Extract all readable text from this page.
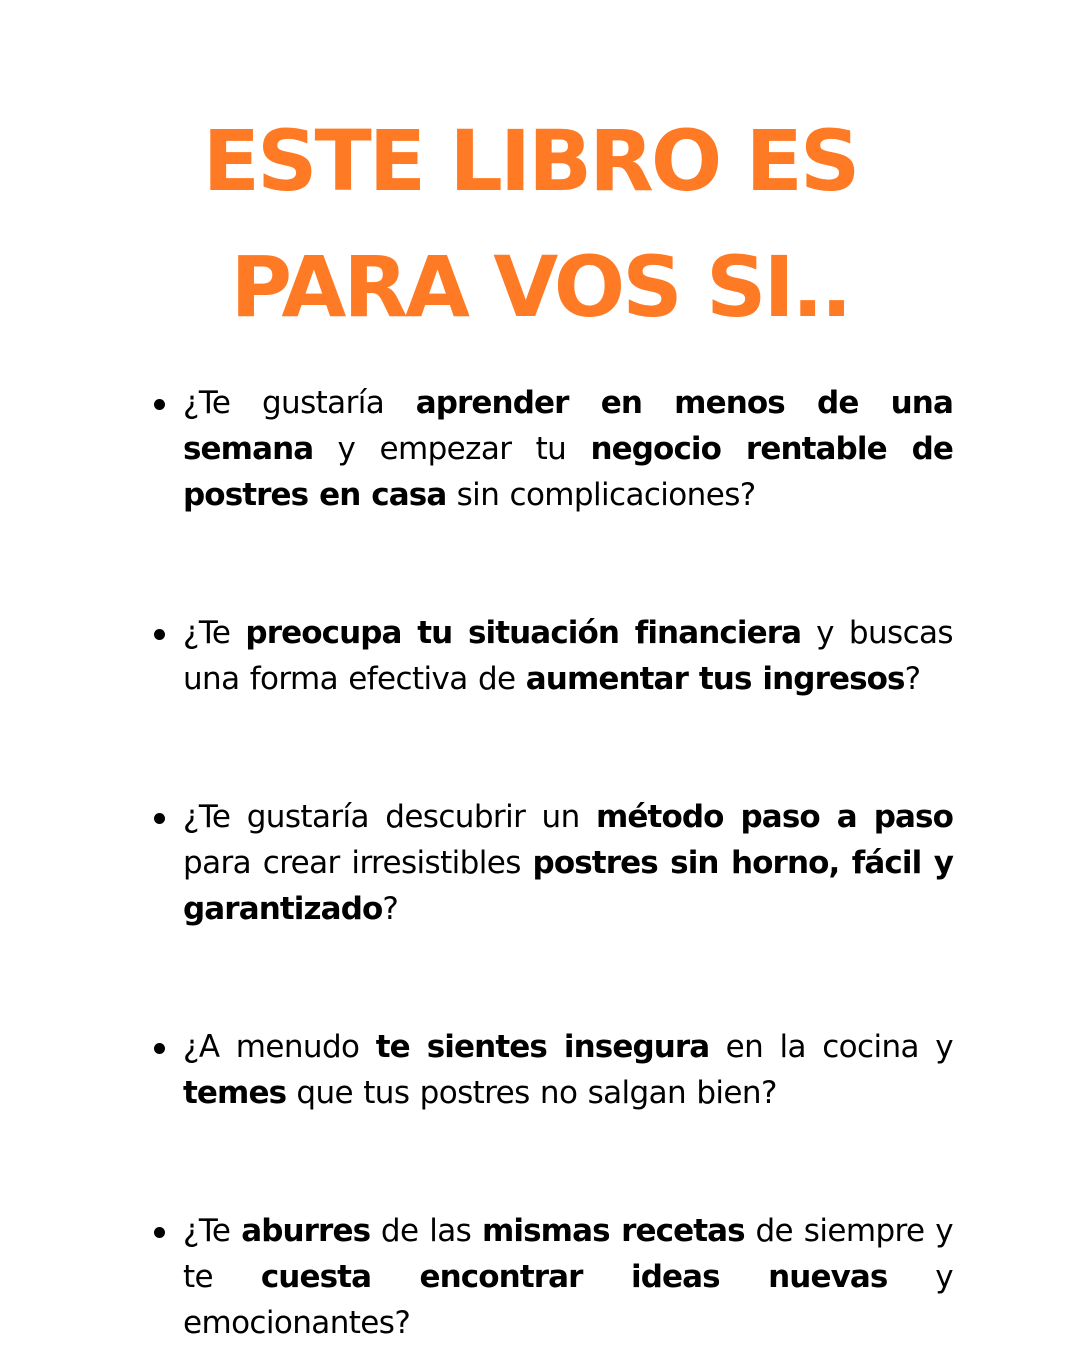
ESTE LIBRO ES
PARA VOS SI..
¿Te gustaría aprender en menos de una semana y empezar tu negocio rentable de postres en casa sin complicaciones?
¿Te preocupa tu situación financiera y buscas una forma efectiva de aumentar tus ingresos?
¿Te gustaría descubrir un método paso a paso para crear irresistibles postres sin horno, fácil y garantizado?
¿A menudo te sientes insegura en la cocina y temes que tus postres no salgan bien?
¿Te aburres de las mismas recetas de siempre y te cuesta encontrar ideas nuevas y emocionantes?
